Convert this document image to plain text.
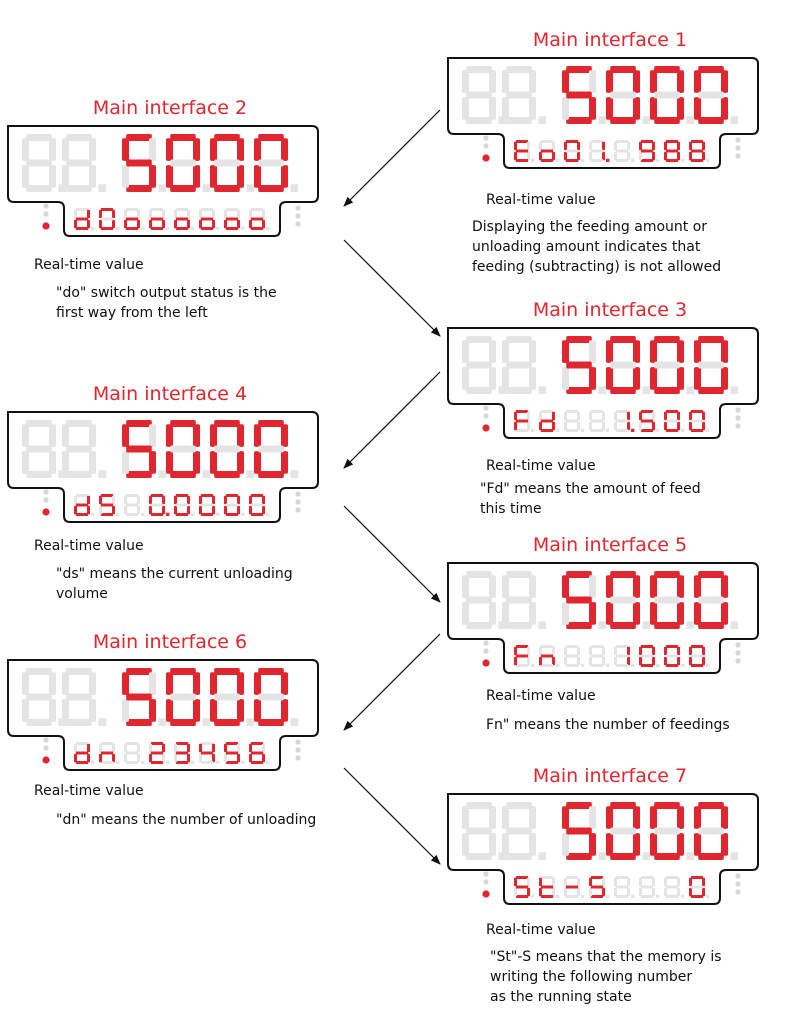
Main interface 1
Real-time value
Displaying the feeding amount or
unloading amount indicates that
feeding (subtracting) is not allowed
Main interface 2
Real-time value
"do" switch output status is the
first way from the left	Main interface 3
Real-time value
"Fd" means the amount of feed
this time
Main interface 4
Real-time value
"ds" means the current unloading volume
Main interface 5
Real-time value
Fn" means the number of feedings
Main interface 6
Real-time value
"dn" means the number of unloading
Main interface 7
Real-time value
"St"-S means that the memory is
writing the following number
as the running state
